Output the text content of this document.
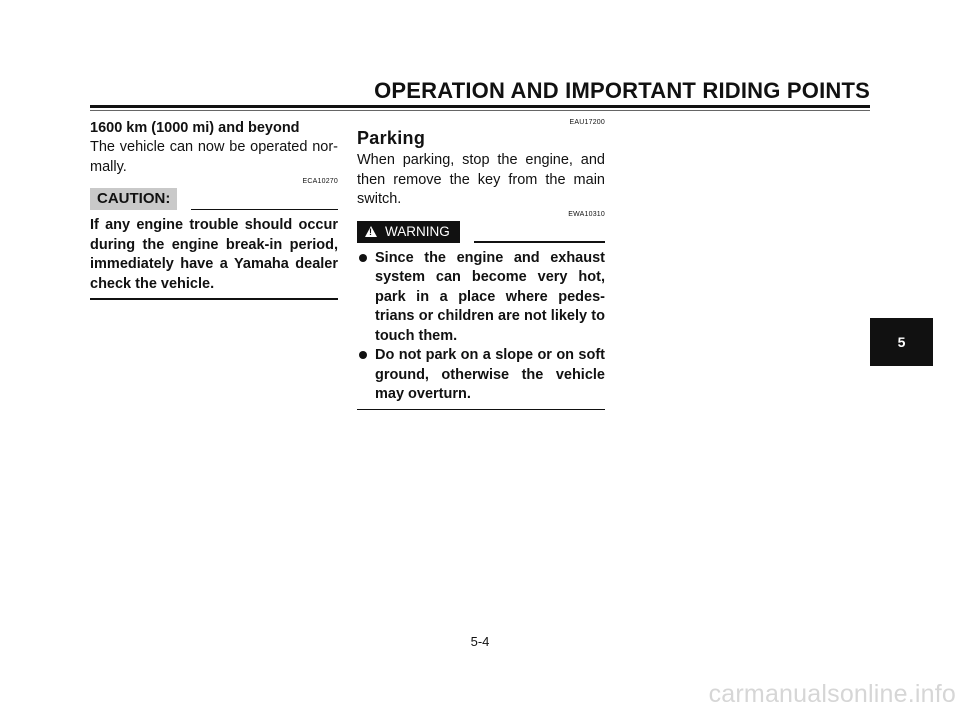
OPERATION AND IMPORTANT RIDING POINTS

1600 km (1000 mi) and beyond

The vehicle can now be operated nor-mally.

ECA10270
CAUTION:

If any engine trouble should occur during the engine break-in period, immediately have a Yamaha dealer check the vehicle.

EAU17200
Parking

When parking, stop the engine, and then remove the key from the main switch.

EWA10310
!
WARNING
Since the engine and exhaust system can become very hot, park in a place where pedes-trians or children are not likely to touch them.
Do not park on a slope or on soft ground, otherwise the vehicle may overturn.
5
5-4
carmanualsonline.info
